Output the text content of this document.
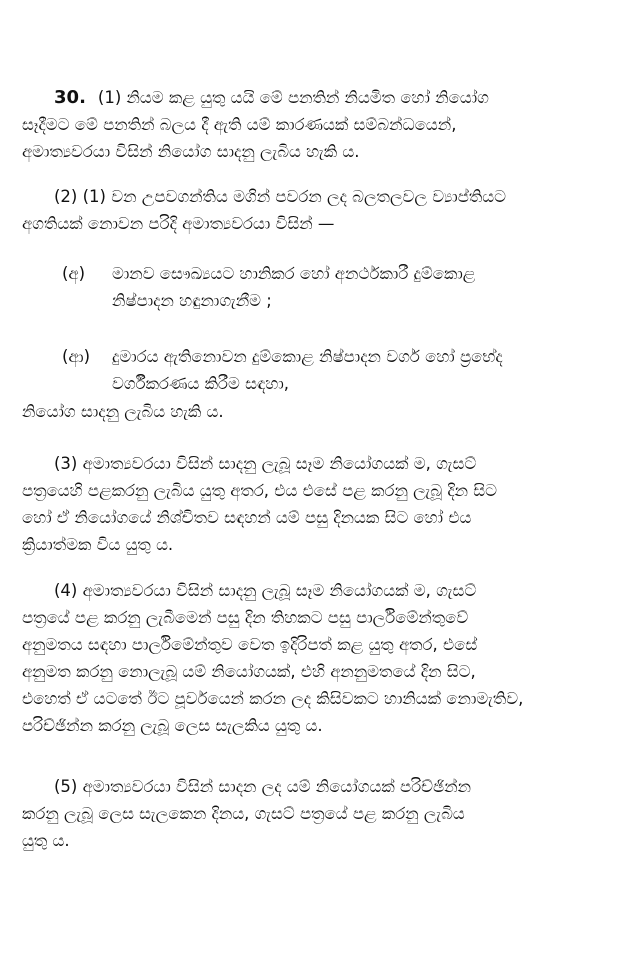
30. (1) නියම කළ යුතු යයි මේ පනතින් නියමිත හෝ නියෝග
සෑදීමට මේ පනතින් බලය දී ඇති යම් කාරණයක් සම්බන්ධයෙන්,
අමාත්‍යවරයා විසින් නියෝග සාදනු ලැබිය හැකි ය.
(2) (1) වන උපවගන්තිය මගින් පවරන ලද බලතලවල ව්‍යාප්තියට
අගතියක් නොවන පරිදි අමාත්‍යවරයා විසින් —
(අ)	මානව සෞඛ්‍යයට හානිකර හෝ අනර්ථකාරී දුම්කොළ
නිෂ්පාදන හඳුනාගැනීම ;
(ආ)	දුමාරය ඇතිනොවන දුම්කොළ නිෂ්පාදන වර්ග හෝ ප්‍රභේද
වර්ගීකරණය කිරීම සඳහා,
නියෝග සාදනු ලැබිය හැකි ය.
(3) අමාත්‍යවරයා විසින් සාදනු ලැබූ සෑම නියෝගයක් ම, ගැසට්
පත්‍රයෙහි පළකරනු ලැබිය යුතු අතර, එය එසේ පළ කරනු ලැබූ දින සිට
හෝ ඒ නියෝගයේ නිශ්චිතව සඳහන් යම් පසු දිනයක සිට හෝ එය
ක්‍රියාත්මක විය යුතු ය.
(4) අමාත්‍යවරයා විසින් සාදනු ලැබූ සෑම නියෝගයක් ම, ගැසට්
පත්‍රයේ පළ කරනු ලැබීමෙන් පසු දින තිහකට පසු පාර්ලිමේන්තුවේ
අනුමතය සඳහා පාර්ලිමේන්තුව වෙත ඉදිරිපත් කළ යුතු අතර, එසේ
අනුමත කරනු නොලැබූ යම් නියෝගයක්, එහි අනනුමතයේ දින සිට,
එහෙත් ඒ යටතේ ඊට පූර්වයෙන් කරන ලද කිසිවකට හානියක් නොමැතිව,
පරිච්ඡින්න කරනු ලැබූ ලෙස සැලකිය යුතු ය.
(5) අමාත්‍යවරයා විසින් සාදන ලද යම් නියෝගයක් පරිච්ඡින්න
කරනු ලැබූ ලෙස සැලකෙන දිනය, ගැසට් පත්‍රයේ පළ කරනු ලැබිය
යුතු ය.
